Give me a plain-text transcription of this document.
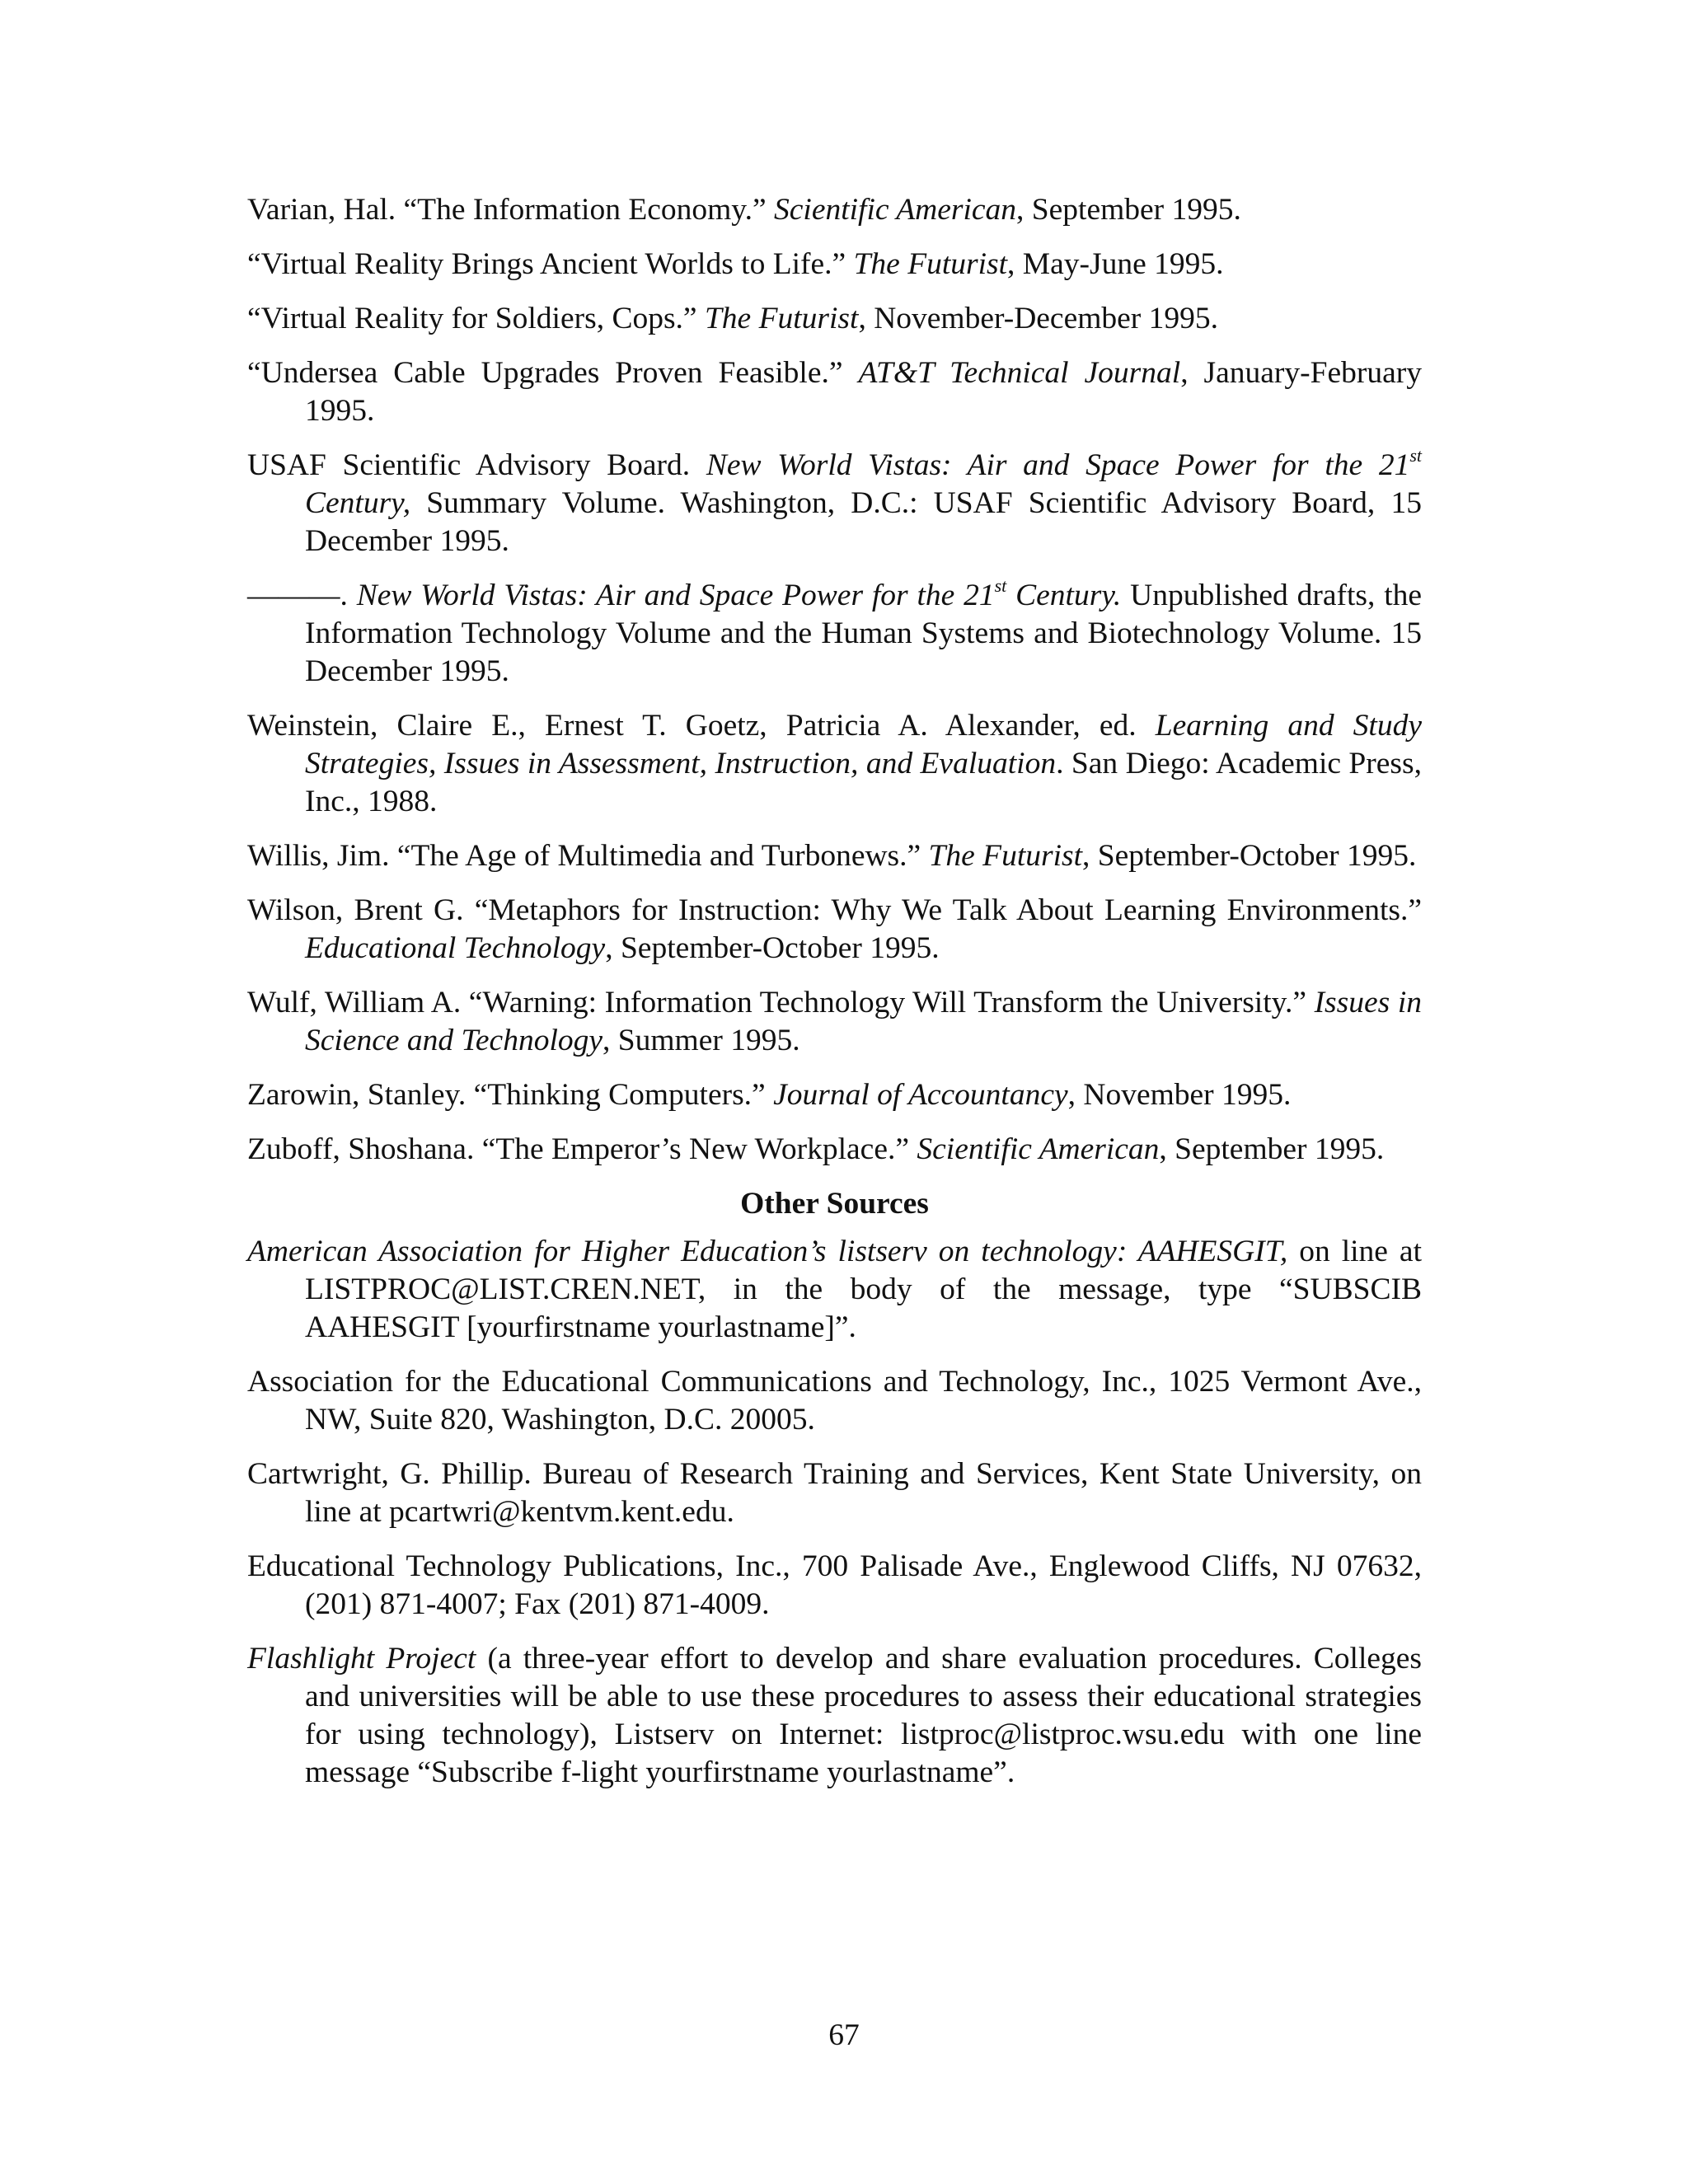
Varian, Hal. “The Information Economy.” Scientific American, September 1995.

“Virtual Reality Brings Ancient Worlds to Life.” The Futurist, May-June 1995.

“Virtual Reality for Soldiers, Cops.” The Futurist, November-December 1995.

“Undersea Cable Upgrades Proven Feasible.” AT&T Technical Journal, January-February 1995.

USAF Scientific Advisory Board. New World Vistas: Air and Space Power for the 21st Century, Summary Volume. Washington, D.C.: USAF Scientific Advisory Board, 15 December 1995.

———. New World Vistas: Air and Space Power for the 21st Century. Unpublished drafts, the Information Technology Volume and the Human Systems and Biotechnology Volume. 15 December 1995.

Weinstein, Claire E., Ernest T. Goetz, Patricia A. Alexander, ed. Learning and Study Strategies, Issues in Assessment, Instruction, and Evaluation. San Diego: Academic Press, Inc., 1988.

Willis, Jim. “The Age of Multimedia and Turbonews.” The Futurist, September-October 1995.

Wilson, Brent G. “Metaphors for Instruction: Why We Talk About Learning Environments.” Educational Technology, September-October 1995.

Wulf, William A. “Warning: Information Technology Will Transform the University.” Issues in Science and Technology, Summer 1995.

Zarowin, Stanley. “Thinking Computers.” Journal of Accountancy, November 1995.

Zuboff, Shoshana. “The Emperor’s New Workplace.” Scientific American, September 1995.

Other Sources

American Association for Higher Education’s listserv on technology: AAHESGIT, on line at LISTPROC@LIST.CREN.NET, in the body of the message, type “SUBSCIB AAHESGIT [yourfirstname yourlastname]”.

Association for the Educational Communications and Technology, Inc., 1025 Vermont Ave., NW, Suite 820, Washington, D.C. 20005.

Cartwright, G. Phillip. Bureau of Research Training and Services, Kent State University, on line at pcartwri@kentvm.kent.edu.

Educational Technology Publications, Inc., 700 Palisade Ave., Englewood Cliffs, NJ 07632, (201) 871-4007; Fax (201) 871-4009.

Flashlight Project (a three-year effort to develop and share evaluation procedures. Colleges and universities will be able to use these procedures to assess their educational strategies for using technology), Listserv on Internet: listproc@listproc.wsu.edu with one line message “Subscribe f-light yourfirstname yourlastname”.

67
